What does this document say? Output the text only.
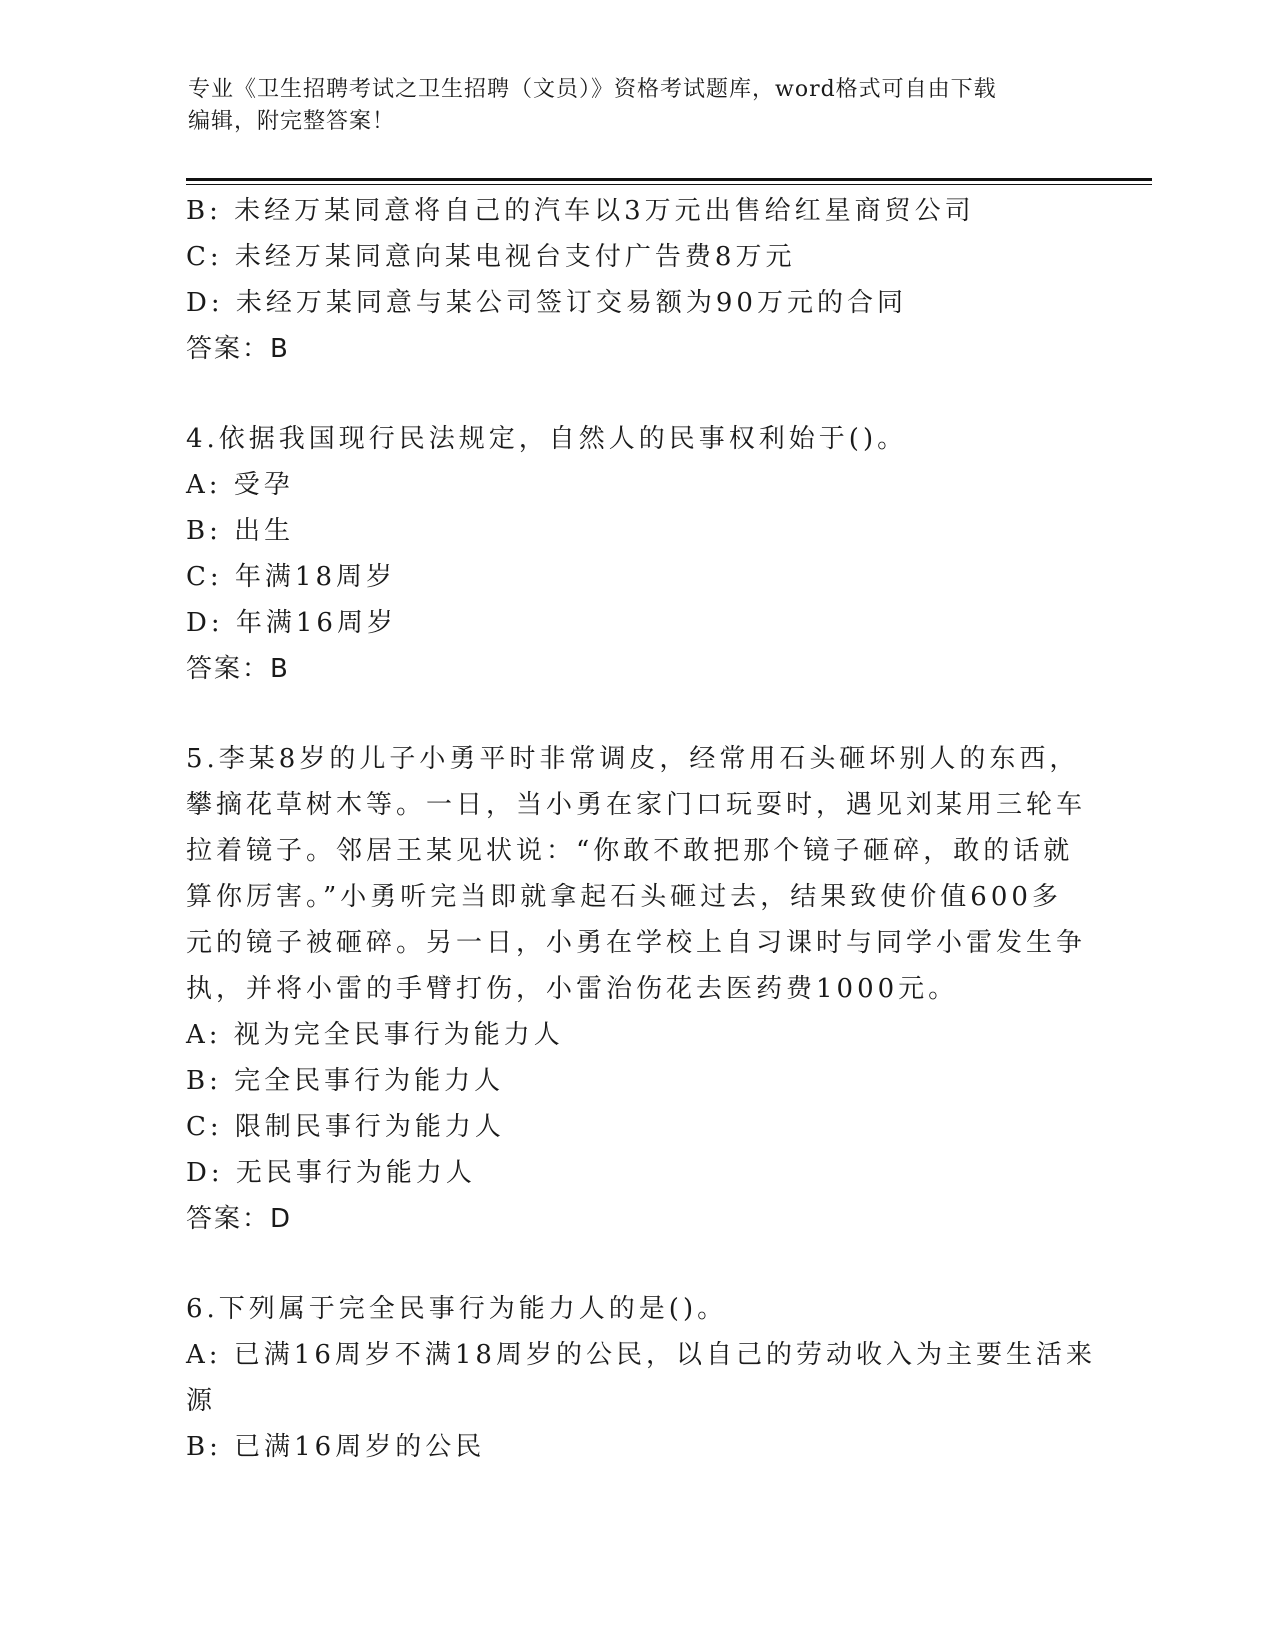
专业《卫生招聘考试之卫生招聘（文员）》资格考试题库，word格式可自由下载
编辑，附完整答案！
B: 未经万某同意将自己的汽车以3万元出售给红星商贸公司
C: 未经万某同意向某电视台支付广告费8万元
D: 未经万某同意与某公司签订交易额为90万元的合同
答案：B
4.依据我国现行民法规定，自然人的民事权利始于()。
A: 受孕
B: 出生
C: 年满18周岁
D: 年满16周岁
答案：B
5.李某8岁的儿子小勇平时非常调皮，经常用石头砸坏别人的东西，
攀摘花草树木等。一日，当小勇在家门口玩耍时，遇见刘某用三轮车
拉着镜子。邻居王某见状说：“你敢不敢把那个镜子砸碎，敢的话就
算你厉害。”小勇听完当即就拿起石头砸过去，结果致使价值600多
元的镜子被砸碎。另一日，小勇在学校上自习课时与同学小雷发生争
执，并将小雷的手臂打伤，小雷治伤花去医药费1000元。
A: 视为完全民事行为能力人
B: 完全民事行为能力人
C: 限制民事行为能力人
D: 无民事行为能力人
答案：D
6.下列属于完全民事行为能力人的是()。
A: 已满16周岁不满18周岁的公民，以自己的劳动收入为主要生活来
源
B: 已满16周岁的公民
